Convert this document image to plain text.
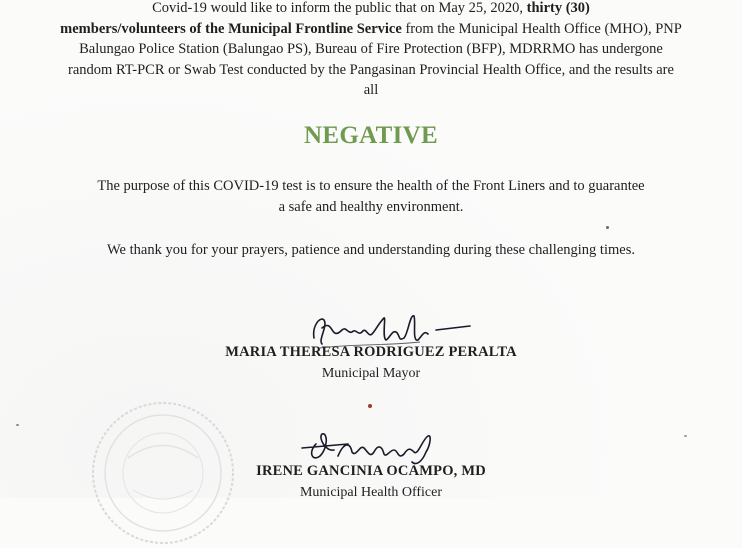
Covid-19 would like to inform the public that on May 25, 2020, thirty (30)
members/volunteers of the Municipal Frontline Service from the Municipal Health Office (MHO), PNP Balungao Police Station (Balungao PS), Bureau of Fire Protection (BFP), MDRRMO has undergone random RT-PCR or Swab Test conducted by the Pangasinan Provincial Health Office, and the results are all

NEGATIVE

The purpose of this COVID-19 test is to ensure the health of the Front Liners and to guarantee a safe and healthy environment.

We thank you for your prayers, patience and understanding during these challenging times.

MARIA THERESA RODRIGUEZ PERALTA
Municipal Mayor
IRENE GANCINIA OCAMPO, MD
Municipal Health Officer
